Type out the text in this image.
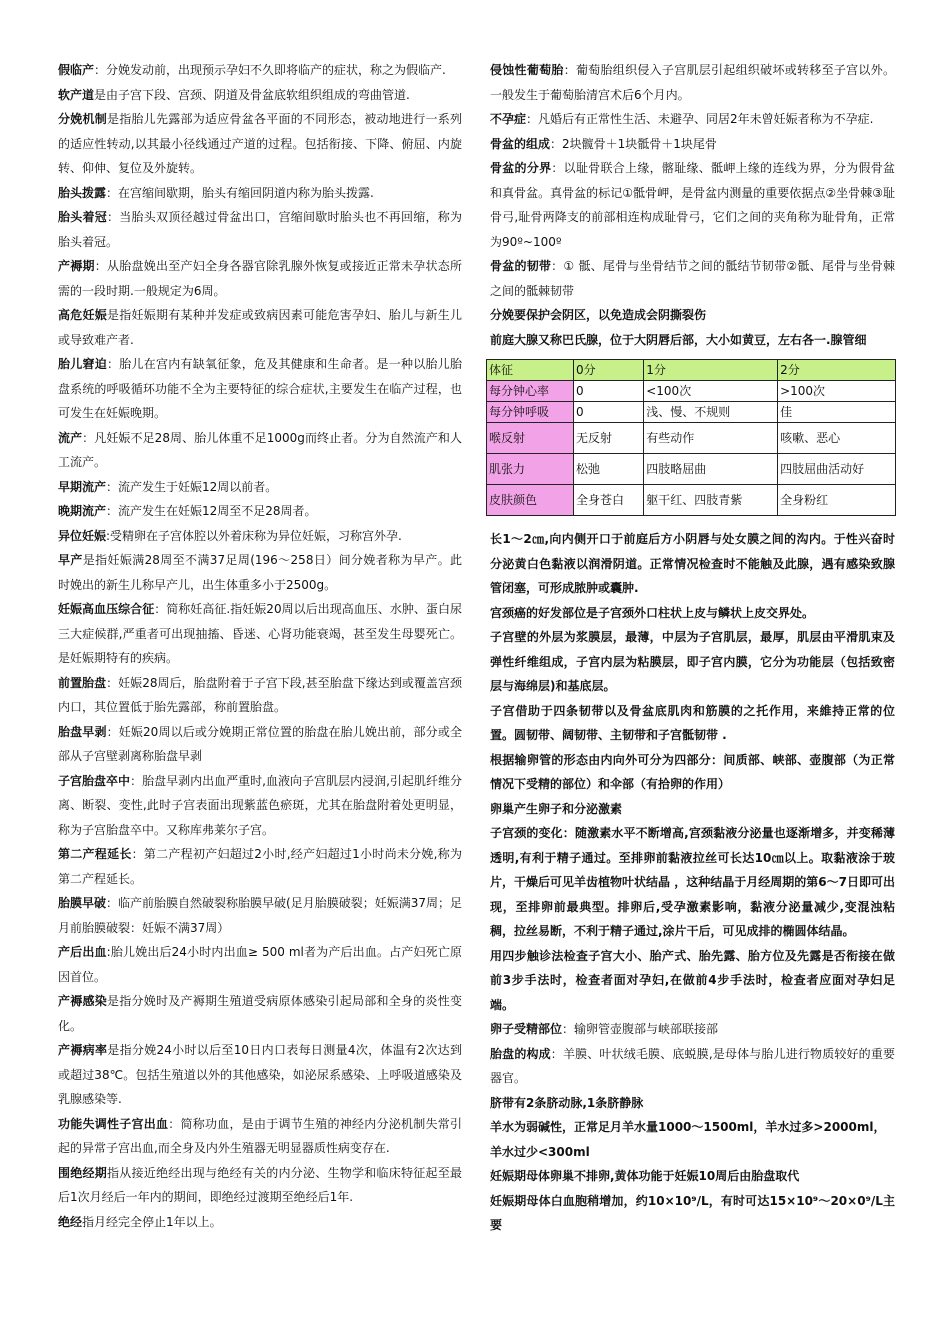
假临产：分娩发动前，出现预示孕妇不久即将临产的症状，称之为假临产.
软产道是由子宫下段、宫颈、阴道及骨盆底软组织组成的弯曲管道.
分娩机制是指胎儿先露部为适应骨盆各平面的不同形态，被动地进行一系列的适应性转动,以其最小径线通过产道的过程。包括衔接、下降、俯屈、内旋转、仰伸、复位及外旋转。
胎头拨露：在宫缩间歇期，胎头有缩回阴道内称为胎头拨露.
胎头着冠：当胎头双顶径越过骨盆出口，宫缩间歇时胎头也不再回缩，称为胎头着冠。
产褥期：从胎盘娩出至产妇全身各器官除乳腺外恢复或接近正常未孕状态所需的一段时期.一般规定为6周。
高危妊娠是指妊娠期有某种并发症或致病因素可能危害孕妇、胎儿与新生儿或导致难产者.
胎儿窘迫：胎儿在宫内有缺氧征象，危及其健康和生命者。是一种以胎儿胎盘系统的呼吸循环功能不全为主要特征的综合症状,主要发生在临产过程，也可发生在妊娠晚期。
流产：凡妊娠不足28周、胎儿体重不足1000g而终止者。分为自然流产和人工流产。
早期流产：流产发生于妊娠12周以前者。
晚期流产：流产发生在妊娠12周至不足28周者。
异位妊娠:受精卵在子宫体腔以外着床称为异位妊娠，习称宫外孕.
早产是指妊娠满28周至不满37足周(196～258日）间分娩者称为早产。此时娩出的新生儿称早产儿，出生体重多小于2500g。
妊娠高血压综合征：简称妊高征.指妊娠20周以后出现高血压、水肿、蛋白尿三大症候群,严重者可出现抽搐、昏迷、心肾功能衰竭，甚至发生母婴死亡。是妊娠期特有的疾病。
前置胎盘：妊娠28周后，胎盘附着于子宫下段,甚至胎盘下缘达到或覆盖宫颈内口，其位置低于胎先露部，称前置胎盘。
胎盘早剥：妊娠20周以后或分娩期正常位置的胎盘在胎儿娩出前，部分或全部从子宫壁剥离称胎盘早剥
子宫胎盘卒中：胎盘早剥内出血严重时,血液向子宫肌层内浸润,引起肌纤维分离、断裂、变性,此时子宫表面出现紫蓝色瘀斑，尤其在胎盘附着处更明显，称为子宫胎盘卒中。又称库弗莱尔子宫。
第二产程延长：第二产程初产妇超过2小时,经产妇超过1小时尚未分娩,称为第二产程延长。
胎膜早破：临产前胎膜自然破裂称胎膜早破(足月胎膜破裂；妊娠满37周；足月前胎膜破裂：妊娠不满37周）
产后出血:胎儿娩出后24小时内出血≥ 500 ml者为产后出血。占产妇死亡原因首位。
产褥感染是指分娩时及产褥期生殖道受病原体感染引起局部和全身的炎性变化。
产褥病率是指分娩24小时以后至10日内口表每日测量4次，体温有2次达到或超过38℃。包括生殖道以外的其他感染，如泌尿系感染、上呼吸道感染及乳腺感染等.
功能失调性子宫出血：简称功血，是由于调节生殖的神经内分泌机制失常引起的异常子宫出血,而全身及内外生殖器无明显器质性病变存在.
围绝经期指从接近绝经出现与绝经有关的内分泌、生物学和临床特征起至最后1次月经后一年内的期间，即绝经过渡期至绝经后1年.
绝经指月经完全停止1年以上。
侵蚀性葡萄胎：葡萄胎组织侵入子宫肌层引起组织破坏或转移至子宫以外。一般发生于葡萄胎清宫术后6个月内。
不孕症：凡婚后有正常性生活、未避孕、同居2年未曾妊娠者称为不孕症.
骨盆的组成：2块髋骨＋1块骶骨＋1块尾骨
骨盆的分界：以耻骨联合上缘，髂耻缘、骶岬上缘的连线为界，分为假骨盆和真骨盆。真骨盆的标记①骶骨岬，是骨盆内测量的重要依据点②坐骨棘③耻骨弓,耻骨两降支的前部相连构成耻骨弓，它们之间的夹角称为耻骨角，正常为90º~100º
骨盆的韧带：① 骶、尾骨与坐骨结节之间的骶结节韧带②骶、尾骨与坐骨棘之间的骶棘韧带
分娩要保护会阴区，以免造成会阴撕裂伤
前庭大腺又称巴氏腺，位于大阴唇后部，大小如黄豆，左右各一.腺管细
体征	0分	1分	2分
每分钟心率	0	<100次	>100次
每分钟呼吸	0	浅、慢、不规则	佳
喉反射	无反射	有些动作	咳嗽、恶心
肌张力	松弛	四肢略屈曲	四肢屈曲活动好
皮肤颜色	全身苍白	躯干红、四肢青紫	全身粉红
长1～2㎝,向内侧开口于前庭后方小阴唇与处女膜之间的沟内。于性兴奋时分泌黄白色黏液以润滑阴道。正常情况检查时不能触及此腺，遇有感染致腺管闭塞，可形成脓肿或囊肿.
宫颈癌的好发部位是子宫颈外口柱状上皮与鳞状上皮交界处。
子宫壁的外层为浆膜层，最薄，中层为子宫肌层，最厚，肌层由平滑肌束及弹性纤维组成，子宫内层为粘膜层，即子宫内膜，它分为功能层（包括致密层与海绵层)和基底层。
子宫借助于四条韧带以及骨盆底肌肉和筋膜的之托作用，来維持正常的位置。圆韧带、阔韧带、主韧带和子宫骶韧带 .
根据输卵管的形态由内向外可分为四部分：间质部、峡部、壶腹部（为正常情况下受精的部位）和伞部（有拾卵的作用）
卵巢产生卵子和分泌激素
子宫颈的变化：随激素水平不断增高,宫颈黏液分泌量也逐渐增多，并变稀薄透明,有利于精子通过。至排卵前黏液拉丝可长达10㎝以上。取黏液涂于玻片，干燥后可见羊齿植物叶状结晶 ，这种结晶于月经周期的第6～7日即可出现，至排卵前最典型。排卵后,受孕激素影响，黏液分泌量减少,变混浊粘稠，拉丝易断，不利于精子通过,涂片干后，可见成排的椭圆体结晶。
用四步触诊法检查子宫大小、胎产式、胎先露、胎方位及先露是否衔接在做前3步手法时，检查者面对孕妇,在做前4步手法时，检查者应面对孕妇足端。
卵子受精部位：输卵管壶腹部与峡部联接部
胎盘的构成：羊膜、叶状绒毛膜、底蜕膜,是母体与胎儿进行物质较好的重要器官。
脐带有2条脐动脉,1条脐静脉
羊水为弱碱性，正常足月羊水量1000～1500ml，羊水过多>2000ml，
羊水过少<300ml
妊娠期母体卵巢不排卵,黄体功能于妊娠10周后由胎盘取代
妊娠期母体白血胞稍增加，约10×10⁹/L，有时可达15×10⁹～20×0⁹/L主要
